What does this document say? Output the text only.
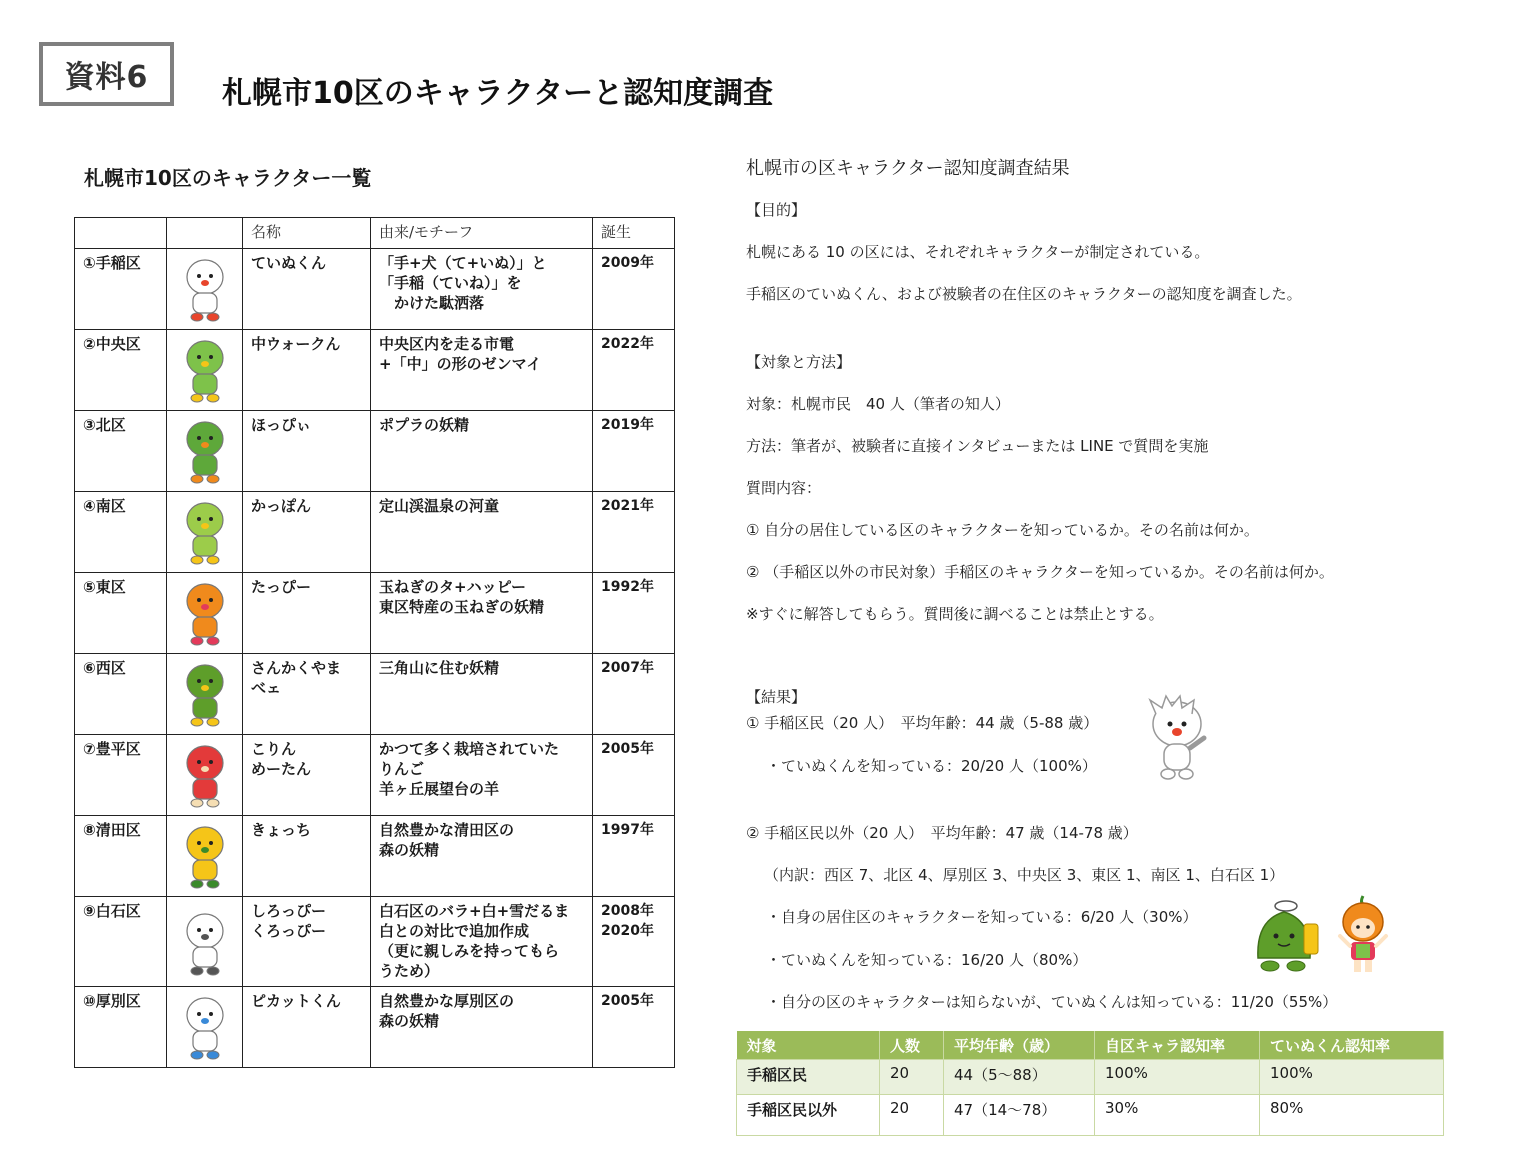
資料6	札幌市10区のキャラクターと認知度調査
札幌市10区のキャラクター一覧
		名称	由来/モチーフ	誕生
①手稲区		ていぬくん	「手+犬（て+いぬ）」と
「手稲（ていね）」を
　かけた駄洒落	2009年
②中央区		中ウォークん	中央区内を走る市電
+「中」の形のゼンマイ	2022年
③北区		ほっぴぃ	ポプラの妖精	2019年
④南区		かっぽん	定山渓温泉の河童	2021年
⑤東区		たっぴー	玉ねぎのタ+ハッピー
東区特産の玉ねぎの妖精	1992年
⑥西区		さんかくやま
べェ	三角山に住む妖精	2007年
⑦豊平区		こりん
めーたん	かつて多く栽培されていた
りんご
羊ヶ丘展望台の羊	2005年
⑧清田区		きょっち	自然豊かな清田区の
森の妖精	1997年
⑨白石区		しろっぴー
くろっぴー	白石区のバラ+白+雪だるま
白との対比で追加作成
（更に親しみを持ってもら
うため）	2008年
2020年
⑩厚別区		ピカットくん	自然豊かな厚別区の
森の妖精	2005年
札幌市の区キャラクター認知度調査結果
【目的】
札幌にある 10 の区には、それぞれキャラクターが制定されている。
手稲区のていぬくん、および被験者の在住区のキャラクターの認知度を調査した。
【対象と方法】
対象：札幌市民　40 人（筆者の知人）
方法：筆者が、被験者に直接インタビューまたは LINE で質問を実施
質問内容：
① 自分の居住している区のキャラクターを知っているか。その名前は何か。
② （手稲区以外の市民対象）手稲区のキャラクターを知っているか。その名前は何か。
※すぐに解答してもらう。質問後に調べることは禁止とする。
【結果】
① 手稲区民（20 人）　平均年齢：44 歳（5-88 歳）
・ていぬくんを知っている：20/20 人（100%）
② 手稲区民以外（20 人）　平均年齢：47 歳（14-78 歳）
（内訳：西区 7、北区 4、厚別区 3、中央区 3、東区 1、南区 1、白石区 1）
・自身の居住区のキャラクターを知っている：6/20 人（30%）
・ていぬくんを知っている：16/20 人（80%）
・自分の区のキャラクターは知らないが、ていぬくんは知っている：11/20（55%）
対象	人数	平均年齢（歳）	自区キャラ認知率	ていぬくん認知率
手稲区民	20	44（5〜88）	100%	100%
手稲区民以外	20	47（14〜78）	30%	80%
